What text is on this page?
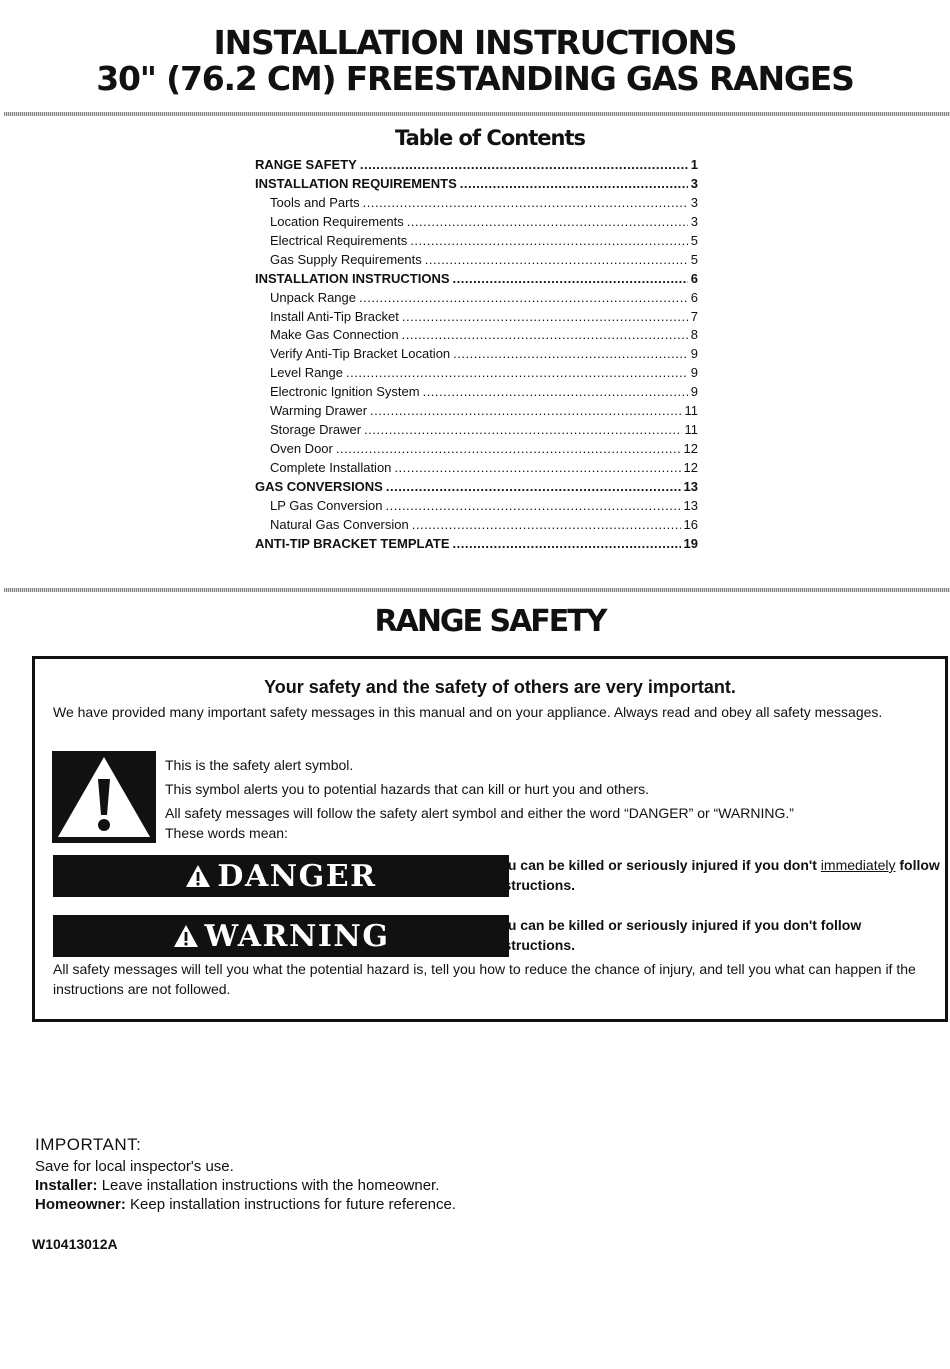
INSTALLATION INSTRUCTIONS
30" (76.2 CM) FREESTANDING GAS RANGES
Table of Contents
RANGE SAFETY .....	1
INSTALLATION REQUIREMENTS .....	3
Tools and Parts .....	3
Location Requirements .....	3
Electrical Requirements .....	5
Gas Supply Requirements .....	5
INSTALLATION INSTRUCTIONS .....	6
Unpack Range .....	6
Install Anti-Tip Bracket .....	7
Make Gas Connection .....	8
Verify Anti-Tip Bracket Location .....	9
Level Range .....	9
Electronic Ignition System .....	9
Warming Drawer .....	11
Storage Drawer .....	11
Oven Door .....	12
Complete Installation .....	12
GAS CONVERSIONS .....	13
LP Gas Conversion .....	13
Natural Gas Conversion .....	16
ANTI-TIP BRACKET TEMPLATE .....	19
RANGE SAFETY
Your safety and the safety of others are very important.
We have provided many important safety messages in this manual and on your appliance. Always read and obey all safety messages.
This is the safety alert symbol.
This symbol alerts you to potential hazards that can kill or hurt you and others.
All safety messages will follow the safety alert symbol and either the word “DANGER” or “WARNING.”
These words mean:
DANGER	You can be killed or seriously injured if you don't immediately follow instructions.
WARNING	You can be killed or seriously injured if you don't follow instructions.
All safety messages will tell you what the potential hazard is, tell you how to reduce the chance of injury, and tell you what can happen if the instructions are not followed.
IMPORTANT:
Save for local inspector's use.
Installer: Leave installation instructions with the homeowner.
Homeowner: Keep installation instructions for future reference.
W10413012A
